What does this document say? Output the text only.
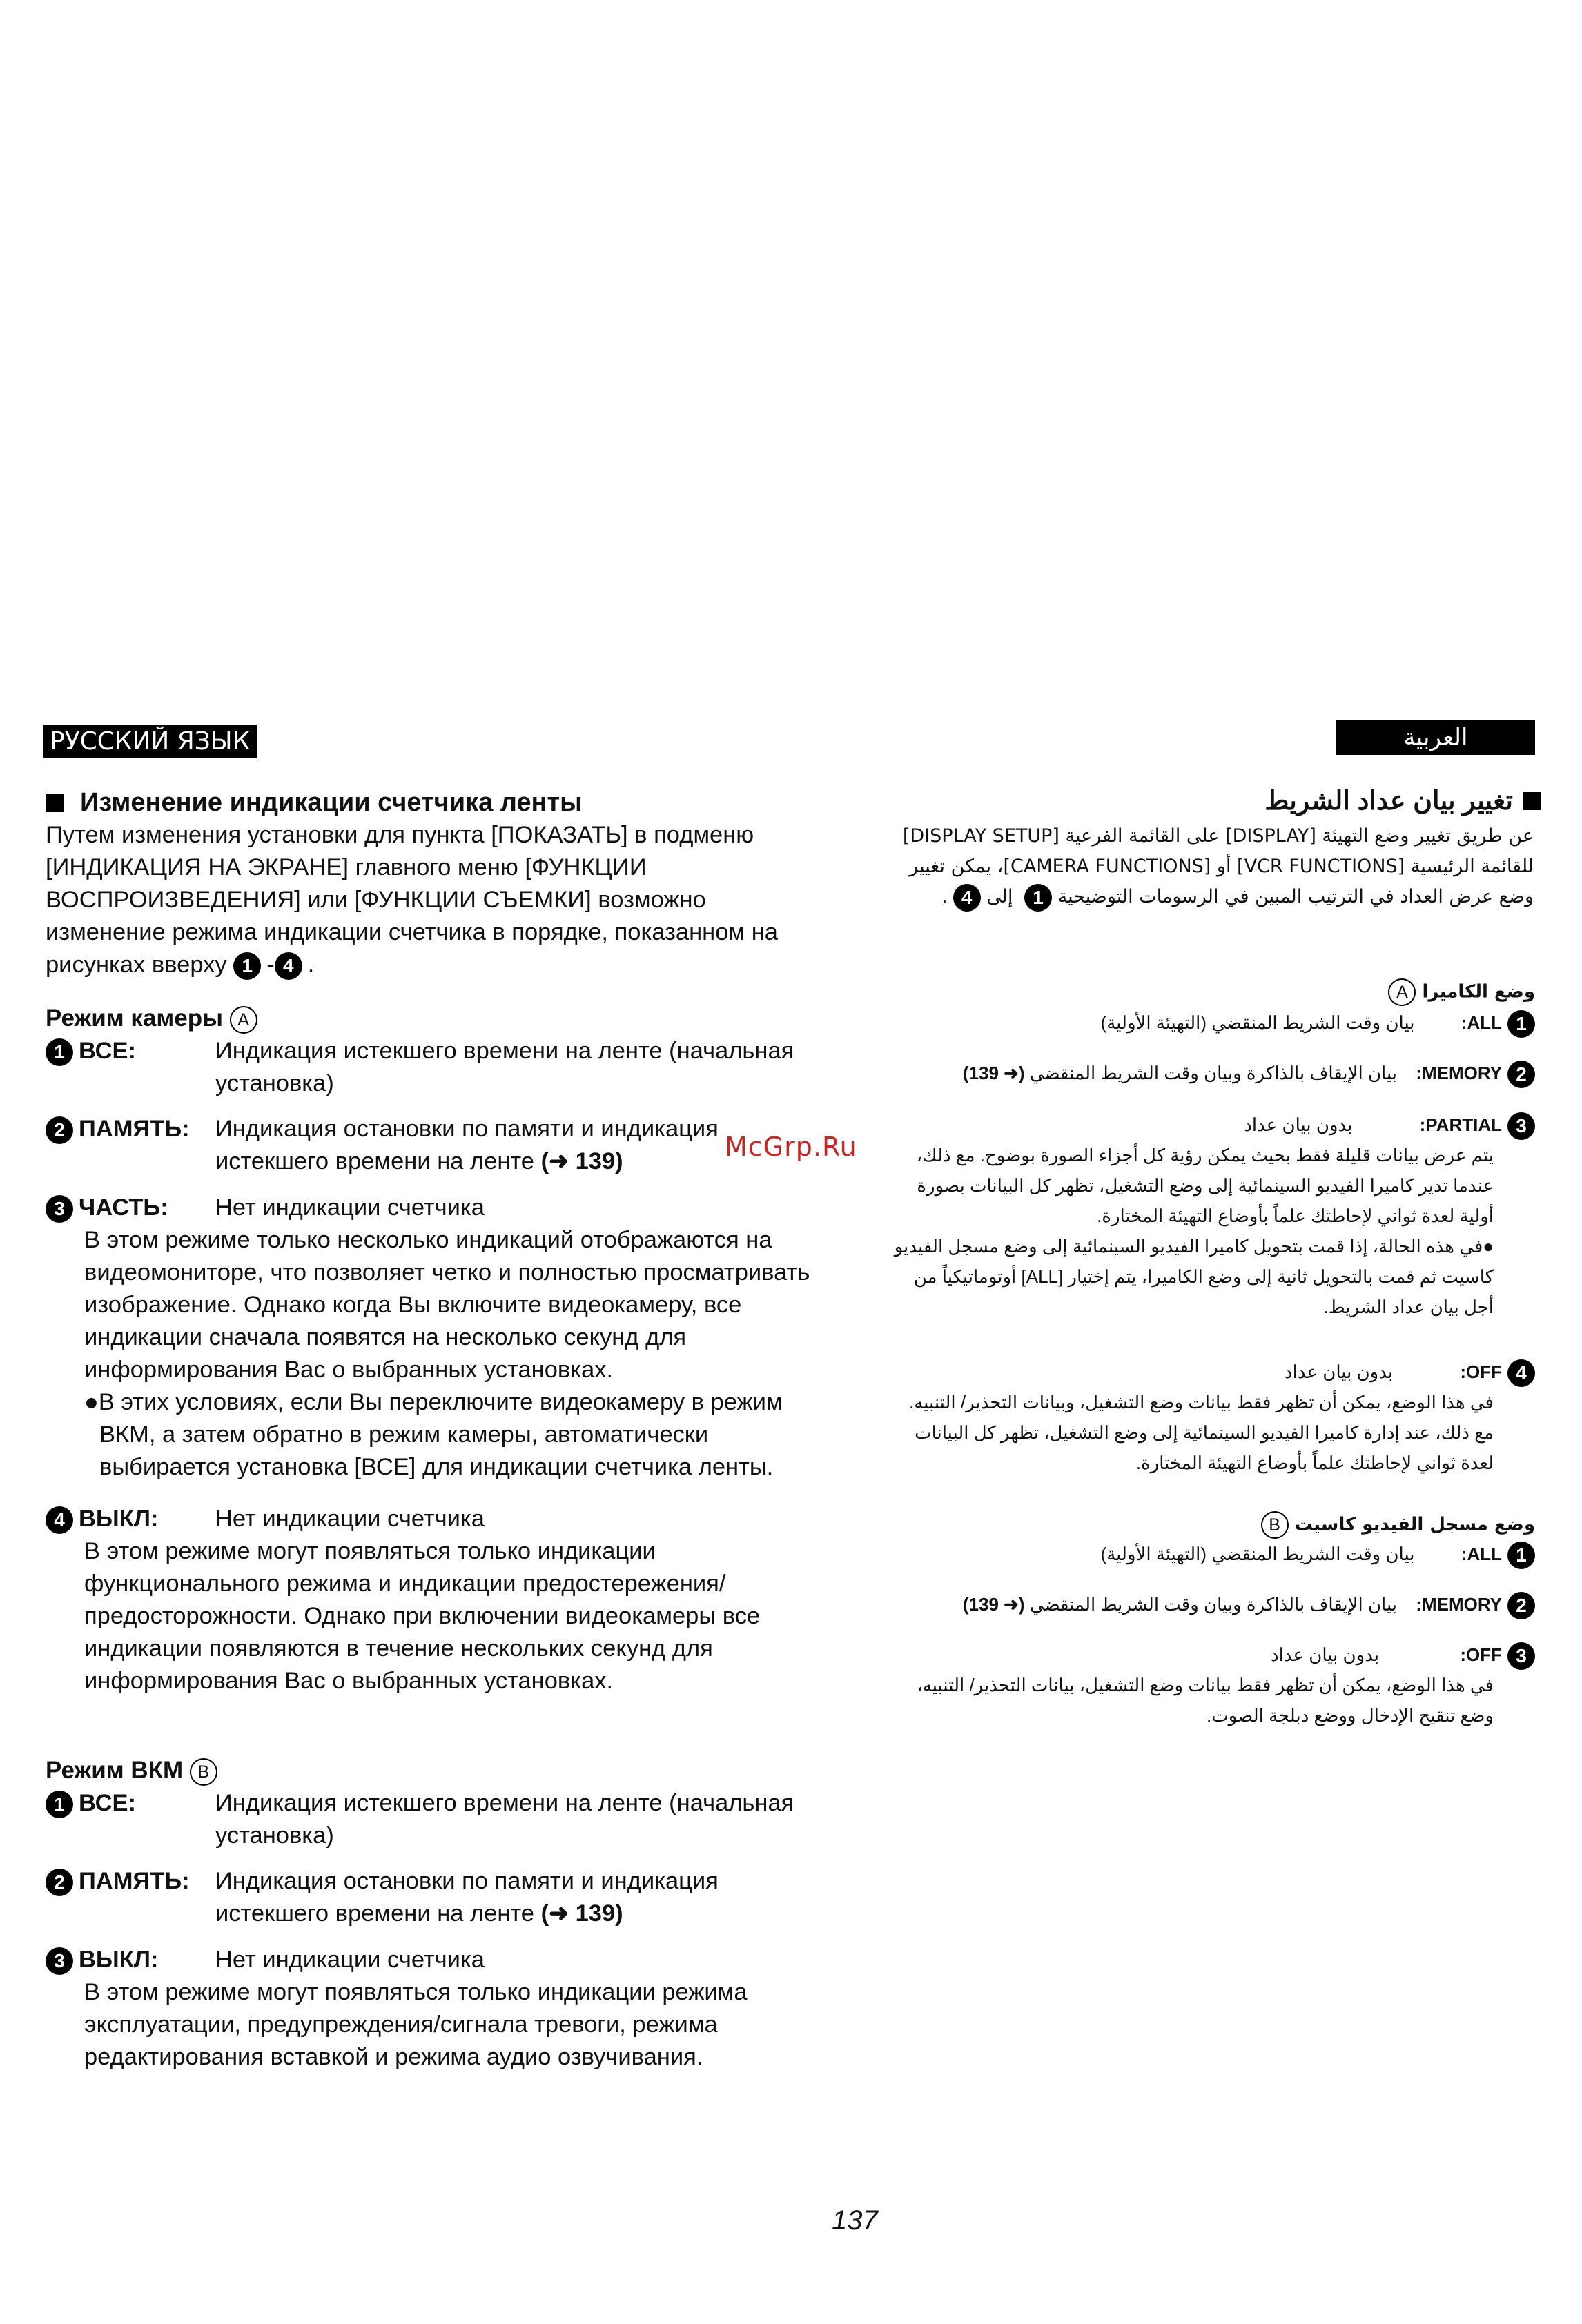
РУССКИЙ ЯЗЫК	العربية
Изменение индикации счетчика ленты
Путем изменения установки для пункта [ПОКАЗАТЬ] в подменю [ИНДИКАЦИЯ НА ЭКРАНЕ] главного меню [ФУНКЦИИ ВОСПРОИЗВЕДЕНИЯ] или [ФУНКЦИИ СЪЕМКИ] возможно изменение режима индикации счетчика в порядке, показанном на рисунках вверху 1 - 4 .
Режим камеры A
1 ВСЕ:	Индикация истекшего времени на ленте (начальная установка)
2 ПАМЯТЬ: Индикация остановки по памяти и индикация истекшего времени на ленте (➜ 139)
3 ЧАСТЬ: Нет индикации счетчика
В этом режиме только несколько индикаций отображаются на видеомониторе, что позволяет четко и полностью просматривать изображение. Однако когда Вы включите видеокамеру, все индикации сначала появятся на несколько секунд для информирования Вас о выбранных установках.
●В этих условиях, если Вы переключите видеокамеру в режим ВКМ, а затем обратно в режим камеры, автоматически выбирается установка [ВСЕ] для индикации счетчика ленты.
4 ВЫКЛ: Нет индикации счетчика
В этом режиме могут появляться только индикации функционального режима и индикации предостережения/ предосторожности. Однако при включении видеокамеры все индикации появляются в течение нескольких секунд для информирования Вас о выбранных установках.
Режим ВКМ B
1 ВСЕ:	Индикация истекшего времени на ленте (начальная установка)
2 ПАМЯТЬ: Индикация остановки по памяти и индикация истекшего времени на ленте (➜ 139)
3 ВЫКЛ: Нет индикации счетчика
В этом режиме могут появляться только индикации режима эксплуатации, предупреждения/сигнала тревоги, режима редактирования вставкой и режима аудио озвучивания.
تغيير بيان عداد الشريط
عن طريق تغيير وضع التهيئة [DISPLAY] على القائمة الفرعية [DISPLAY SETUP] للقائمة الرئيسية [VCR FUNCTIONS] أو [CAMERA FUNCTIONS]، يمكن تغيير وضع عرض العداد في الترتيب المبين في الرسومات التوضيحية 1 إلى 4.
وضع الكاميرا A
1ALL: بيان وقت الشريط المنقضي (التهيئة الأولية)
2MEMORY: بيان الإيقاف بالذاكرة وبيان وقت الشريط المنقضي (➜ 139)
3PARTIAL: بدون بيان عداد
يتم عرض بيانات قليلة فقط بحيث يمكن رؤية كل أجزاء الصورة بوضوح. مع ذلك، عندما تدير كاميرا الفيديو السينمائية إلى وضع التشغيل، تظهر كل البيانات بصورة أولية لعدة ثواني لإحاطتك علماً بأوضاع التهيئة المختارة.
●في هذه الحالة، إذا قمت بتحويل كاميرا الفيديو السينمائية إلى وضع مسجل الفيديو كاسيت ثم قمت بالتحويل ثانية إلى وضع الكاميرا، يتم إختيار [ALL] أوتوماتيكياً من أجل بيان عداد الشريط.
4OFF: بدون بيان عداد
في هذا الوضع، يمكن أن تظهر فقط بيانات وضع التشغيل، وبيانات التحذير/ التنبيه. مع ذلك، عند إدارة كاميرا الفيديو السينمائية إلى وضع التشغيل، تظهر كل البيانات لعدة ثواني لإحاطتك علماً بأوضاع التهيئة المختارة.
وضع مسجل الفيديو كاسيت B
1ALL: بيان وقت الشريط المنقضي (التهيئة الأولية)
2MEMORY: بيان الإيقاف بالذاكرة وبيان وقت الشريط المنقضي (➜ 139)
3OFF: بدون بيان عداد
في هذا الوضع، يمكن أن تظهر فقط بيانات وضع التشغيل، بيانات التحذير/ التنبيه، وضع تنقيح الإدخال ووضع دبلجة الصوت.
McGrp.Ru
137
